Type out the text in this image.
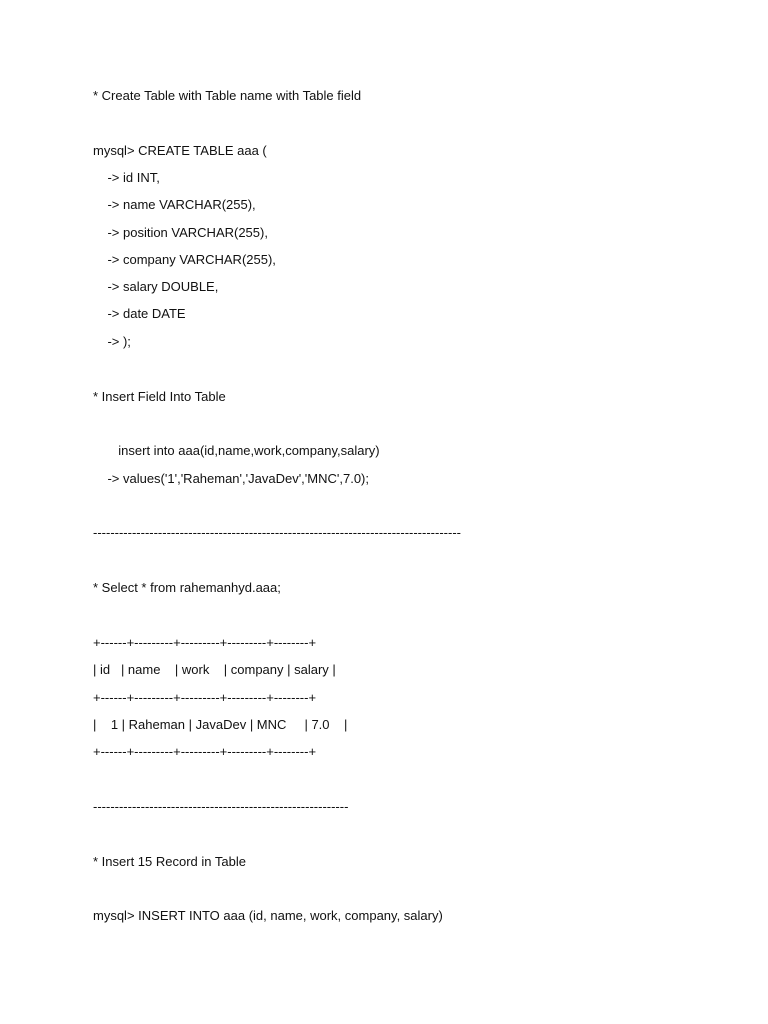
* Create Table with Table name with Table field
mysql> CREATE TABLE aaa (
-> id INT,
-> name VARCHAR(255),
-> position VARCHAR(255),
-> company VARCHAR(255),
-> salary DOUBLE,
-> date DATE
-> );
* Insert Field Into Table
insert into aaa(id,name,work,company,salary)
-> values('1','Raheman','JavaDev','MNC',7.0);
-------------------------------------------------------------------------------------
* Select * from rahemanhyd.aaa;
+------+---------+---------+---------+--------+
| id   | name    | work    | company | salary |
+------+---------+---------+---------+--------+
|    1 | Raheman | JavaDev | MNC     | 7.0    |
+------+---------+---------+---------+--------+
-----------------------------------------------------------
* Insert 15 Record in Table
mysql> INSERT INTO aaa (id, name, work, company, salary)
